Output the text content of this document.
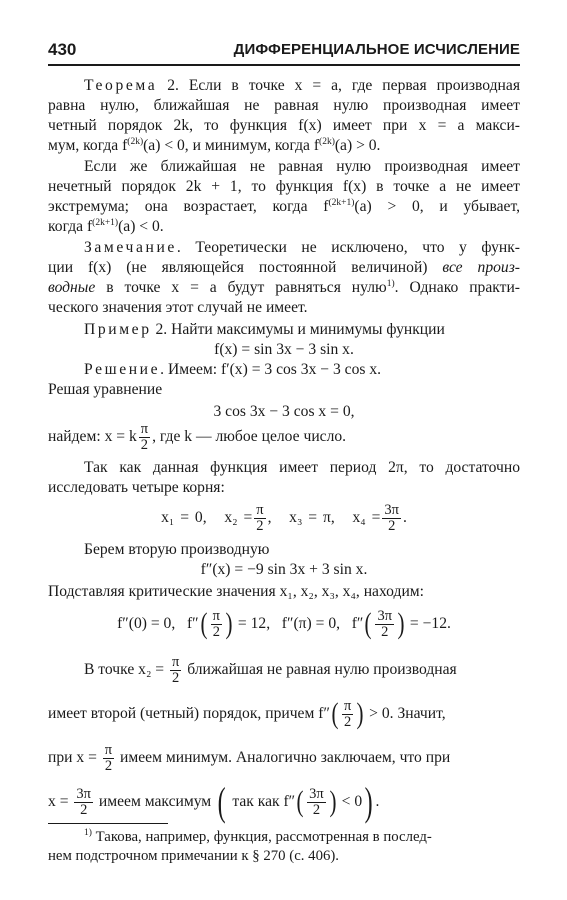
430	ДИФФЕРЕНЦИАЛЬНОЕ ИСЧИСЛЕНИЕ
Теорема 2. Если в точке x = a, где первая производная
равна нулю, ближайшая не равная нулю производная имеет
четный порядок 2k, то функция f(x) имеет при x = a макси-
мум, когда $f^{(2k)}(a) < 0$, и минимум, когда $f^{(2k)}(a) > 0$.
Если же ближайшая не равная нулю производная имеет
нечетный порядок 2k + 1, то функция f(x) в точке a не имеет
экстремума; она возрастает, когда $f^{(2k+1)}(a) > 0$, и убывает,
когда $f^{(2k+1)}(a) < 0$.
Замечание. Теоретически не исключено, что у функ-
ции f(x) (не являющейся постоянной величиной) все произ-
водные в точке x = a будут равняться нулю$^{1)}$. Однако практи-
ческого значения этот случай не имеет.
Пример 2. Найти максимумы и минимумы функции
f(x) = sin 3x − 3 sin x.
Решение. Имеем: f′(x) = 3 cos 3x − 3 cos x.
Решая уравнение
3 cos 3x − 3 cos x = 0,
найдем: x = k $\frac{\pi}{2}$ , где k — любое целое число.
Так как данная функция имеет период 2π, то достаточно
исследовать четыре корня:
x₁ = 0, $x_2 = \frac{\pi}{2}$ ,   x₃ = π, $x_4 = \frac{3\pi}{2}$ .
Берем вторую производную
f″(x) = −9 sin 3x + 3 sin x.
Подставляя критические значения x₁, x₂, x₃, x₄, находим:
f″(0) = 0, $f''( \frac{\pi}{2}$ ) = 12, f″(π) = 0, $f''( \frac{3\pi}{2}$ ) = −12.
В точке $x_2 = \frac{\pi}{2}$ ближайшая не равная нулю производная
имеет второй (четный) порядок, причем $f''( \frac{\pi}{2}$ ) > 0. Значит,
при $x = \frac{\pi}{2}$ имеем минимум. Аналогично заключаем, что при
$x = \frac{3\pi}{2}$ имеем максимум ( так как $f''( \frac{3\pi}{2}$ ) < 0) .
$^{1)}$ Такова, например, функция, рассмотренная в послед-
нем подстрочном примечании к § 270 (с. 406).
